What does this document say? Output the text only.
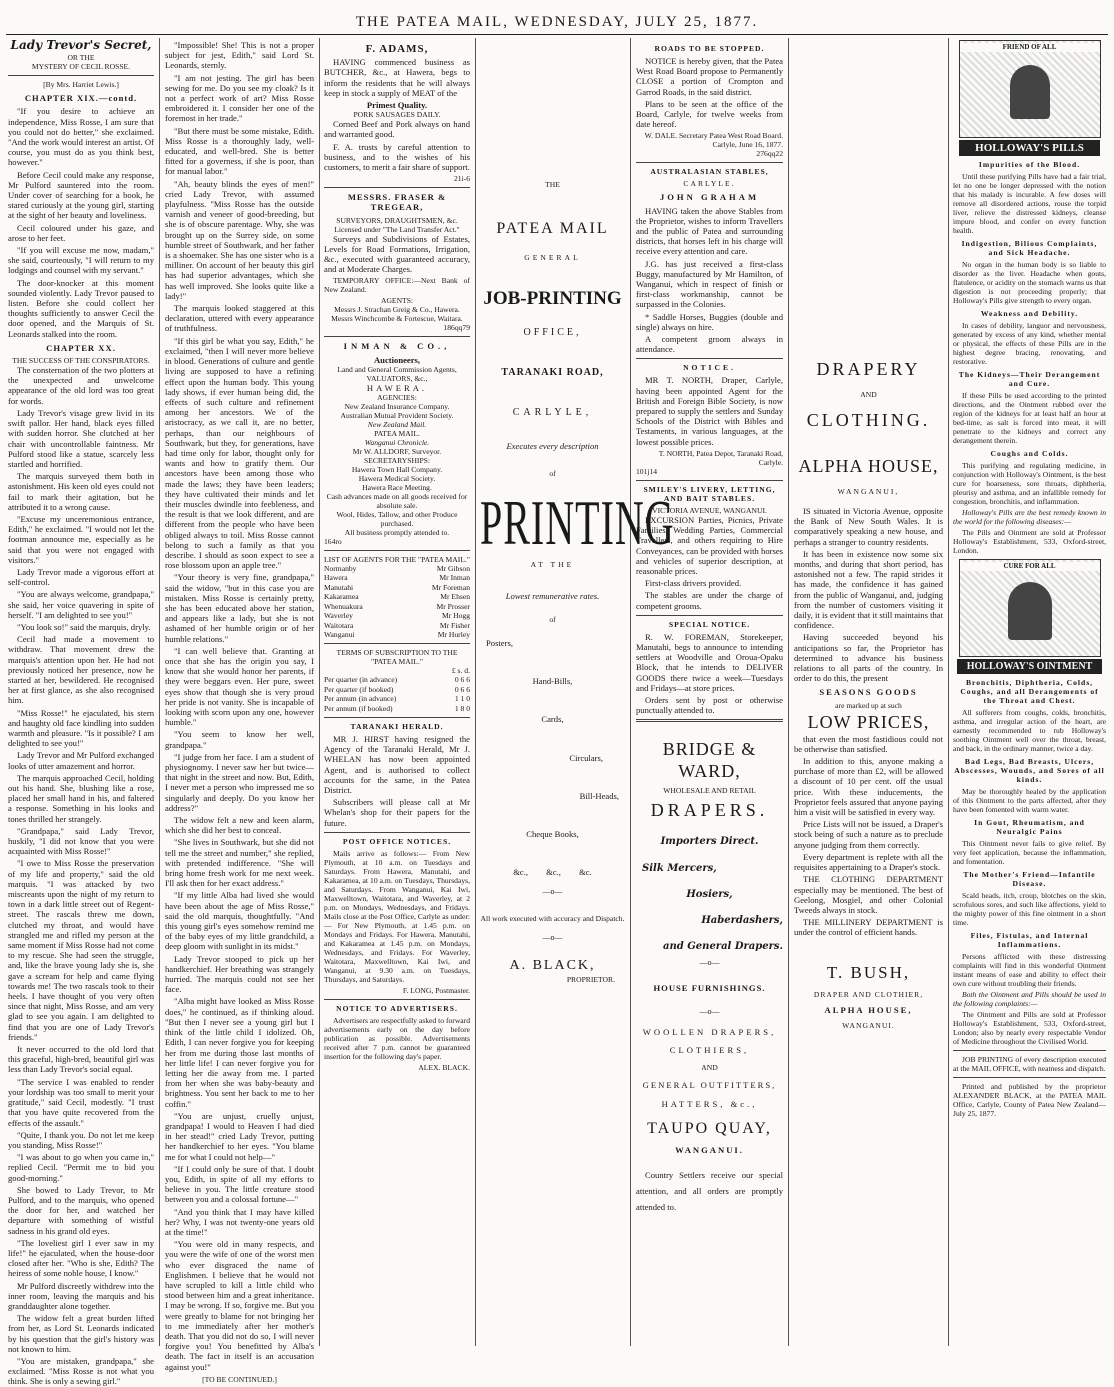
THE PATEA MAIL, WEDNESDAY, JULY 25, 1877.
Lady Trevor's Secret,
OR THE
MYSTERY OF CECIL ROSSE.
[By Mrs. Harriet Lewis.]
CHAPTER XIX.—contd.

"If you desire to achieve an independence, Miss Rosse, I am sure that you could not do better," she exclaimed. "And the work would interest an artist. Of course, you must do as you think best, however."

Before Cecil could make any response, Mr Pulford sauntered into the room. Under cover of searching for a book, he stared curiously at the young girl, starting at the sight of her beauty and loveliness.

Cecil coloured under his gaze, and arose to her feet.

"If you will excuse me now, madam," she said, courteously, "I will return to my lodgings and counsel with my servant."

The door-knocker at this moment sounded violently. Lady Trevor paused to listen. Before she could collect her thoughts sufficiently to answer Cecil the door opened, and the Marquis of St. Leonards stalked into the room.

CHAPTER XX.
THE SUCCESS OF THE CONSPIRATORS.

The consternation of the two plotters at the unexpected and unwelcome appearance of the old lord was too great for words.

Lady Trevor's visage grew livid in its swift pallor. Her hand, black eyes filled with sudden horror. She clutched at her chair with uncontrollable faintness. Mr Pulford stood like a statue, scarcely less startled and horrified.

The marquis surveyed them both in astonishment. His keen old eyes could not fail to mark their agitation, but he attributed it to a wrong cause.

"Excuse my unceremonious entrance, Edith," he exclaimed. "I would not let the footman announce me, especially as he said that you were not engaged with visitors."

Lady Trevor made a vigorous effort at self-control.

"You are always welcome, grandpapa," she said, her voice quavering in spite of herself. "I am delighted to see you!"

"You look so!" said the marquis, dryly.

Cecil had made a movement to withdraw. That movement drew the marquis's attention upon her. He had not previously noticed her presence, now he started at her, bewildered. He recognised her at first glance, as she also recognised him.

"Miss Rosse!" he ejaculated, his stern and haughty old face kindling into sudden warmth and pleasure. "Is it possible? I am delighted to see you!"

Lady Trevor and Mr Pulford exchanged looks of utter amazement and horror.

The marquis approached Cecil, holding out his hand. She, blushing like a rose, placed her small hand in his, and faltered a response. Something in his looks and tones thrilled her strangely.

"Grandpapa," said Lady Trevor, huskily, "I did not know that you were acquainted with Miss Rosse!"

"I owe to Miss Rosse the preservation of my life and property," said the old marquis. "I was attacked by two miscreants upon the night of my return to town in a dark little street out of Regent-street. The rascals threw me down, clutched my throat, and would have strangled me and rifled my person at the same moment if Miss Rosse had not come to my rescue. She had seen the struggle, and, like the brave young lady she is, she gave a scream for help and came flying towards me! The two rascals took to their heels. I have thought of you very often since that night, Miss Rosse, and am very glad to see you again. I am delighted to find that you are one of Lady Trevor's friends."

It never occurred to the old lord that this graceful, high-bred, beautiful girl was less than Lady Trevor's social equal.

"The service I was enabled to render your lordship was too small to merit your gratitude," said Cecil, modestly. "I trust that you have quite recovered from the effects of the assault."

"Quite, I thank you. Do not let me keep you standing, Miss Rosse!"

"I was about to go when you came in," replied Cecil. "Permit me to bid you good-morning."

She bowed to Lady Trevor, to Mr Pulford, and to the marquis, who opened the door for her, and watched her departure with something of wistful sadness in his grand old eyes.

"The loveliest girl I ever saw in my life!" he ejaculated, when the house-door closed after her. "Who is she, Edith? The heiress of some noble house, I know."

Mr Pulford discreetly withdrew into the inner room, leaving the marquis and his granddaughter alone together.

The widow felt a great burden lifted from her, as Lord St. Leonards indicated by his question that the girl's history was not known to him.

"You are mistaken, grandpapa," she exclaimed. "Miss Rosse is not what you think. She is only a sewing girl."

"Impossible! She! This is not a proper subject for jest, Edith," said Lord St. Leonards, sternly.

"I am not jesting. The girl has been sewing for me. Do you see my cloak? Is it not a perfect work of art? Miss Rosse embroidered it. I consider her one of the foremost in her trade."

"But there must be some mistake, Edith. Miss Rosse is a thoroughly lady, well-educated, and well-bred. She is better fitted for a governess, if she is poor, than for manual labor."

"Ah, beauty blinds the eyes of men!" cried Lady Trevor, with assumed playfulness. "Miss Rosse has the outside varnish and veneer of good-breeding, but she is of obscure parentage. Why, she was brought up on the Surrey side, on some humble street of Southwark, and her father is a shoemaker. She has one sister who is a milliner. On account of her beauty this girl has had superior advantages, which she has well improved. She looks quite like a lady!"

The marquis looked staggered at this declaration, uttered with every appearance of truthfulness.

"If this girl be what you say, Edith," he exclaimed, "then I will never more believe in blood. Generations of culture and gentle living are supposed to have a refining effect upon the human body. This young lady shows, if ever human being did, the effects of such culture and refinement among her ancestors. We of the aristocracy, as we call it, are no better, perhaps, than our neighbours of Southwark, but they, for generations, have had time only for labor, thought only for wants and how to gratify them. Our ancestors have been among those who made the laws; they have been leaders; they have cultivated their minds and let their muscles dwindle into feebleness, and the result is that we look different, and are different from the people who have been obliged always to toil. Miss Rosse cannot belong to such a family as that you describe. I should as soon expect to see a rose blossom upon an apple tree."

"Your theory is very fine, grandpapa," said the widow, "but in this case you are mistaken. Miss Rosse is certainly pretty, she has been educated above her station, and appears like a lady, but she is not ashamed of her humble origin or of her humble relations."

"I can well believe that. Granting at once that she has the origin you say, I know that she would honor her parents, if they were beggars even. Her pure, sweet eyes show that though she is very proud her pride is not vanity. She is incapable of looking with scorn upon any one, however humble."

"You seem to know her well, grandpapa."

"I judge from her face. I am a student of physiognomy. I never saw her but twice—that night in the street and now. But, Edith, I never met a person who impressed me so singularly and deeply. Do you know her address?"

The widow felt a new and keen alarm, which she did her best to conceal.

"She lives in Southwark, but she did not tell me the street and number," she replied, with pretended indifference. "She will bring home fresh work for me next week. I'll ask then for her exact address."

"If my little Alba had lived she would have been about the age of Miss Rosse," said the old marquis, thoughtfully. "And this young girl's eyes somehow remind me of the baby eyes of my little grandchild, a deep gloom with sunlight in its midst."

Lady Trevor stooped to pick up her handkerchief. Her breathing was strangely hurried. The marquis could not see her face.

"Alba might have looked as Miss Rosse does," he continued, as if thinking aloud. "But then I never see a young girl but I think of the little child I idolized. Oh, Edith, I can never forgive you for keeping her from me during those last months of her little life! I can never forgive you for letting her die away from me. I parted from her when she was baby-beauty and brightness. You sent her back to me to her coffin."

"You are unjust, cruelly unjust, grandpapa! I would to Heaven I had died in her stead!" cried Lady Trevor, putting her handkerchief to her eyes. "You blame me for what I could not help—"

"If I could only be sure of that. I doubt you, Edith, in spite of all my efforts to believe in you. The little creature stood between you and a colossal fortune—"

"And you think that I may have killed her? Why, I was not twenty-one years old at the time!"

"You were old in many respects, and you were the wife of one of the worst men who ever disgraced the name of Englishmen. I believe that he would not have scrupled to kill a little child who stood between him and a great inheritance. I may be wrong. If so, forgive me. But you were greatly to blame for not bringing her to me immediately after her mother's death. That you did not do so, I will never forgive you! You benefitted by Alba's death. The fact in itself is an accusation against you!"

[TO BE CONTINUED.]
F. ADAMS,

HAVING commenced business as BUTCHER, &c., at Hawera, begs to inform the residents that he will always keep in stock a supply of MEAT of the

Primest Quality.
PORK SAUSAGES DAILY.

Corned Beef and Pork always on hand and warranted good.

F. A. trusts by careful attention to business, and to the wishes of his customers, to merit a fair share of support.

21i-6
MESSRS. FRASER & TREGEAR,
SURVEYORS, DRAUGHTSMEN, &c.
Licensed under "The Land Transfer Act."

Surveys and Subdivisions of Estates, Levels for Road Formations, Irrigation, &c., executed with guaranteed accuracy, and at Moderate Charges.

TEMPORARY OFFICE:—Next Bank of New Zealand.

AGENTS:
Messrs J. Strachan Greig & Co., Hawera. Messrs Winchcombe & Fortescue, Waitara.
186qq79
INMAN & CO.,
Auctioneers,
Land and General Commission Agents,
VALUATORS, &c.,
HAWERA.
AGENCIES:
New Zealand Insurance Company.
Australian Mutual Provident Society.
New Zealand Mail.
PATEA MAIL.
Wanganui Chronicle.
Mr W. ALLDORF, Surveyor.
SECRETARYSHIPS:
Hawera Town Hall Company.
Hawera Medical Society.
Hawera Race Meeting.
Cash advances made on all goods received for absolute sale.
Wool, Hides, Tallow, and other Produce purchased.
All business promptly attended to.
164ro
LIST OF AGENTS FOR THE "PATEA MAIL."
Normanby	Mr Gibson
Hawera	Mr Inman
Manutahi	Mr Foreman
Kakaramea	Mr Ehsen
Whenuakura	Mr Prosser
Waverley	Mr Hogg
Waitotara	Mr Fisher
Wanganui	Mr Hurley
TERMS OF SUBSCRIPTION TO THE "PATEA MAIL."
£ s. d.
Per quarter (in advance)	0 6 6
Per quarter (if booked)	0 6 6
Per annum (in advance)	1 1 0
Per annum (if booked)	1 8 0
TARANAKI HERALD.

MR J. HIRST having resigned the Agency of the Taranaki Herald, Mr J. WHELAN has now been appointed Agent, and is authorised to collect accounts for the same, in the Patea District.

Subscribers will please call at Mr Whelan's shop for their papers for the future.

POST OFFICE NOTICES.

Mails arrive as follows:— From New Plymouth, at 10 a.m. on Tuesdays and Saturdays. From Hawera, Manutahi, and Kakaramea, at 10 a.m. on Tuesdays, Thursdays, and Saturdays. From Wanganui, Kai Iwi, Maxwelltown, Waitotara, and Waverley, at 2 p.m. on Mondays, Wednesdays, and Fridays. Mails close at the Post Office, Carlyle as under:— For New Plymouth, at 1.45 p.m. on Mondays and Fridays. For Hawera, Manutahi, and Kakaramea at 1.45 p.m. on Mondays, Wednesdays, and Fridays. For Waverley, Waitotara, Maxwelltown, Kai Iwi, and Wanganui, at 9.30 a.m. on Tuesdays, Thursdays, and Saturdays.

F. LONG, Postmaster.
NOTICE TO ADVERTISERS.

Advertisers are respectfully asked to forward advertisements early on the day before publication as possible. Advertisements received after 7 p.m. cannot be guaranteed insertion for the following day's paper.

ALEX. BLACK.
THE
PATEA MAIL
GENERAL
JOB-PRINTING
OFFICE,
TARANAKI ROAD,
CARLYLE,
Executes every description
of
PRINTING
AT THE
Lowest remunerative rates.
of
Posters,
Hand-Bills,
Cards,
Circulars,
Bill-Heads,
Cheque Books,
&c., &c., &c.
—o—
All work executed with accuracy and Dispatch.
—o—
A. BLACK,
PROPRIETOR.
ROADS TO BE STOPPED.

NOTICE is hereby given, that the Patea West Road Board propose to Permanently CLOSE a portion of Crompton and Garrod Roads, in the said district.

Plans to be seen at the office of the Board, Carlyle, for twelve weeks from date hereof.

W. DALE. Secretary Patea West Road Board. Carlyle, June 16, 1877.
276qq22
AUSTRALASIAN STABLES,
CARLYLE.
JOHN GRAHAM

HAVING taken the above Stables from the Proprietor, wishes to inform Travellers and the public of Patea and surrounding districts, that horses left in his charge will receive every attention and care.

J.G. has just received a first-class Buggy, manufactured by Mr Hamilton, of Wanganui, which in respect of finish or first-class workmanship, cannot be surpassed in the Colonies.

* Saddle Horses, Buggies (double and single) always on hire.

A competent groom always in attendance.

NOTICE.

MR T. NORTH, Draper, Carlyle, having been appointed Agent for the British and Foreign Bible Society, is now prepared to supply the settlers and Sunday Schools of the District with Bibles and Testaments, in various languages, at the lowest possible prices.

T. NORTH, Patea Depot, Taranaki Road, Carlyle.
101j14
SMILEY'S LIVERY, LETTING, AND BAIT STABLES.
VICTORIA AVENUE, WANGANUI.

EXCURSION Parties, Picnics, Private Families, Wedding Parties, Commercial Travellers, and others requiring to Hire Conveyances, can be provided with horses and vehicles of superior description, at reasonable prices.

First-class drivers provided.

The stables are under the charge of competent grooms.

SPECIAL NOTICE.

R. W. FOREMAN, Storekeeper, Manutahi, begs to announce to intending settlers at Woodville and Oroua-Opaku Block, that he intends to DELIVER GOODS there twice a week—Tuesdays and Fridays—at store prices.

Orders sent by post or otherwise punctually attended to.

BRIDGE & WARD,
WHOLESALE AND RETAIL
DRAPERS.
Importers Direct.
Silk Mercers,
Hosiers,
Haberdashers,
and General Drapers.
—o—
HOUSE FURNISHINGS.
—o—
WOOLLEN DRAPERS,
CLOTHIERS,
AND
GENERAL OUTFITTERS,
HATTERS, &c.,
TAUPO QUAY,
WANGANUI.

Country Settlers receive our special attention, and all orders are promptly attended to.

DRAPERY
AND
CLOTHING.
ALPHA HOUSE,
WANGANUI,

IS situated in Victoria Avenue, opposite the Bank of New South Wales. It is comparatively speaking a new house, and perhaps a stranger to country residents.

It has been in existence now some six months, and during that short period, has astonished not a few. The rapid strides it has made, the confidence it has gained from the public of Wanganui, and, judging from the number of customers visiting it daily, it is evident that it still maintains that confidence.

Having succeeded beyond his anticipations so far, the Proprietor has determined to advance his business relations to all parts of the country. In order to do this, the present

SEASONS GOODS
are marked up at such
LOW PRICES,

that even the most fastidious could not be otherwise than satisfied.

In addition to this, anyone making a purchase of more than £2, will be allowed a discount of 10 per cent. off the usual price. With these inducements, the Proprietor feels assured that anyone paying him a visit will be satisfied in every way.

Price Lists will not be issued, a Draper's stock being of such a nature as to preclude anyone judging from them correctly.

Every department is replete with all the requisites appertaining to a Draper's stock.

THE CLOTHING DEPARTMENT especially may be mentioned. The best of Geelong, Mosgiel, and other Colonial Tweeds always in stock.

THE MILLINERY DEPARTMENT is under the control of efficient hands.

T. BUSH,
DRAPER AND CLOTHIER,
ALPHA HOUSE,
WANGANUI.
FRIEND OF ALL
HOLLOWAY'S PILLS
Impurities of the Blood.

Until these purifying Pills have had a fair trial, let no one be longer depressed with the notion that his malady is incurable. A few doses will remove all disordered actions, rouse the torpid liver, relieve the distressed kidneys, cleanse impure blood, and confer on every function health.

Indigestion, Bilious Complaints, and Sick Headache.

No organ in the human body is so liable to disorder as the liver. Headache when gouts, flatulence, or acidity on the stomach warns us that digestion is not proceeding properly; that Holloway's Pills give strength to every organ.

Weakness and Debility.

In cases of debility, languor and nervousness, generated by excess of any kind, whether mental or physical, the effects of these Pills are in the highest degree bracing, renovating, and restorative.

The Kidneys—Their Derangement and Cure.

If these Pills be used according to the printed directions, and the Ointment rubbed over the region of the kidneys for at least half an hour at bed-time, as salt is forced into meat, it will penetrate to the kidneys and correct any derangement therein.

Coughs and Colds.

This purifying and regulating medicine, in conjunction with Holloway's Ointment, is the best cure for hoarseness, sore throats, diphtheria, pleurisy and asthma, and an infallible remedy for congestion, bronchitis, and inflammation.

Holloway's Pills are the best remedy known in the world for the following diseases:—

The Pills and Ointment are sold at Professor Holloway's Establishment, 533, Oxford-street, London.

CURE FOR ALL
HOLLOWAY'S OINTMENT
Bronchitis, Diphtheria, Colds, Coughs, and all Derangements of the Throat and Chest.

All sufferers from coughs, colds, bronchitis, asthma, and irregular action of the heart, are earnestly recommended to rub Holloway's soothing Ointment well over the throat, breast, and back, in the ordinary manner, twice a day.

Bad Legs, Bad Breasts, Ulcers, Abscesses, Wounds, and Sores of all kinds.

May be thoroughly healed by the application of this Ointment to the parts affected, after they have been fomented with warm water.

In Gout, Rheumatism, and Neuralgic Pains

This Ointment never fails to give relief. By very feet application, because the inflammation, and fomentation.

The Mother's Friend—Infantile Disease.

Scald heads, itch, croup, blotches on the skin, scrofulous sores, and such like affections, yield to the mighty power of this fine ointment in a short time.

Files, Fistulas, and Internal Inflammations.

Persons afflicted with these distressing complaints will find in this wonderful Ointment instant means of ease and ability to effect their own cure without troubling their friends.

Both the Ointment and Pills should be used in the following complaints:—

The Ointment and Pills are sold at Professor Holloway's Establishment, 533, Oxford-street, London; also by nearly every respectable Vendor of Medicine throughout the Civilised World.

JOB PRINTING of every description executed at the MAIL OFFICE, with neatness and dispatch.

Printed and published by the proprietor ALEXANDER BLACK, at the PATEA MAIL Office, Carlyle, County of Patea New Zealand—July 25, 1877.
